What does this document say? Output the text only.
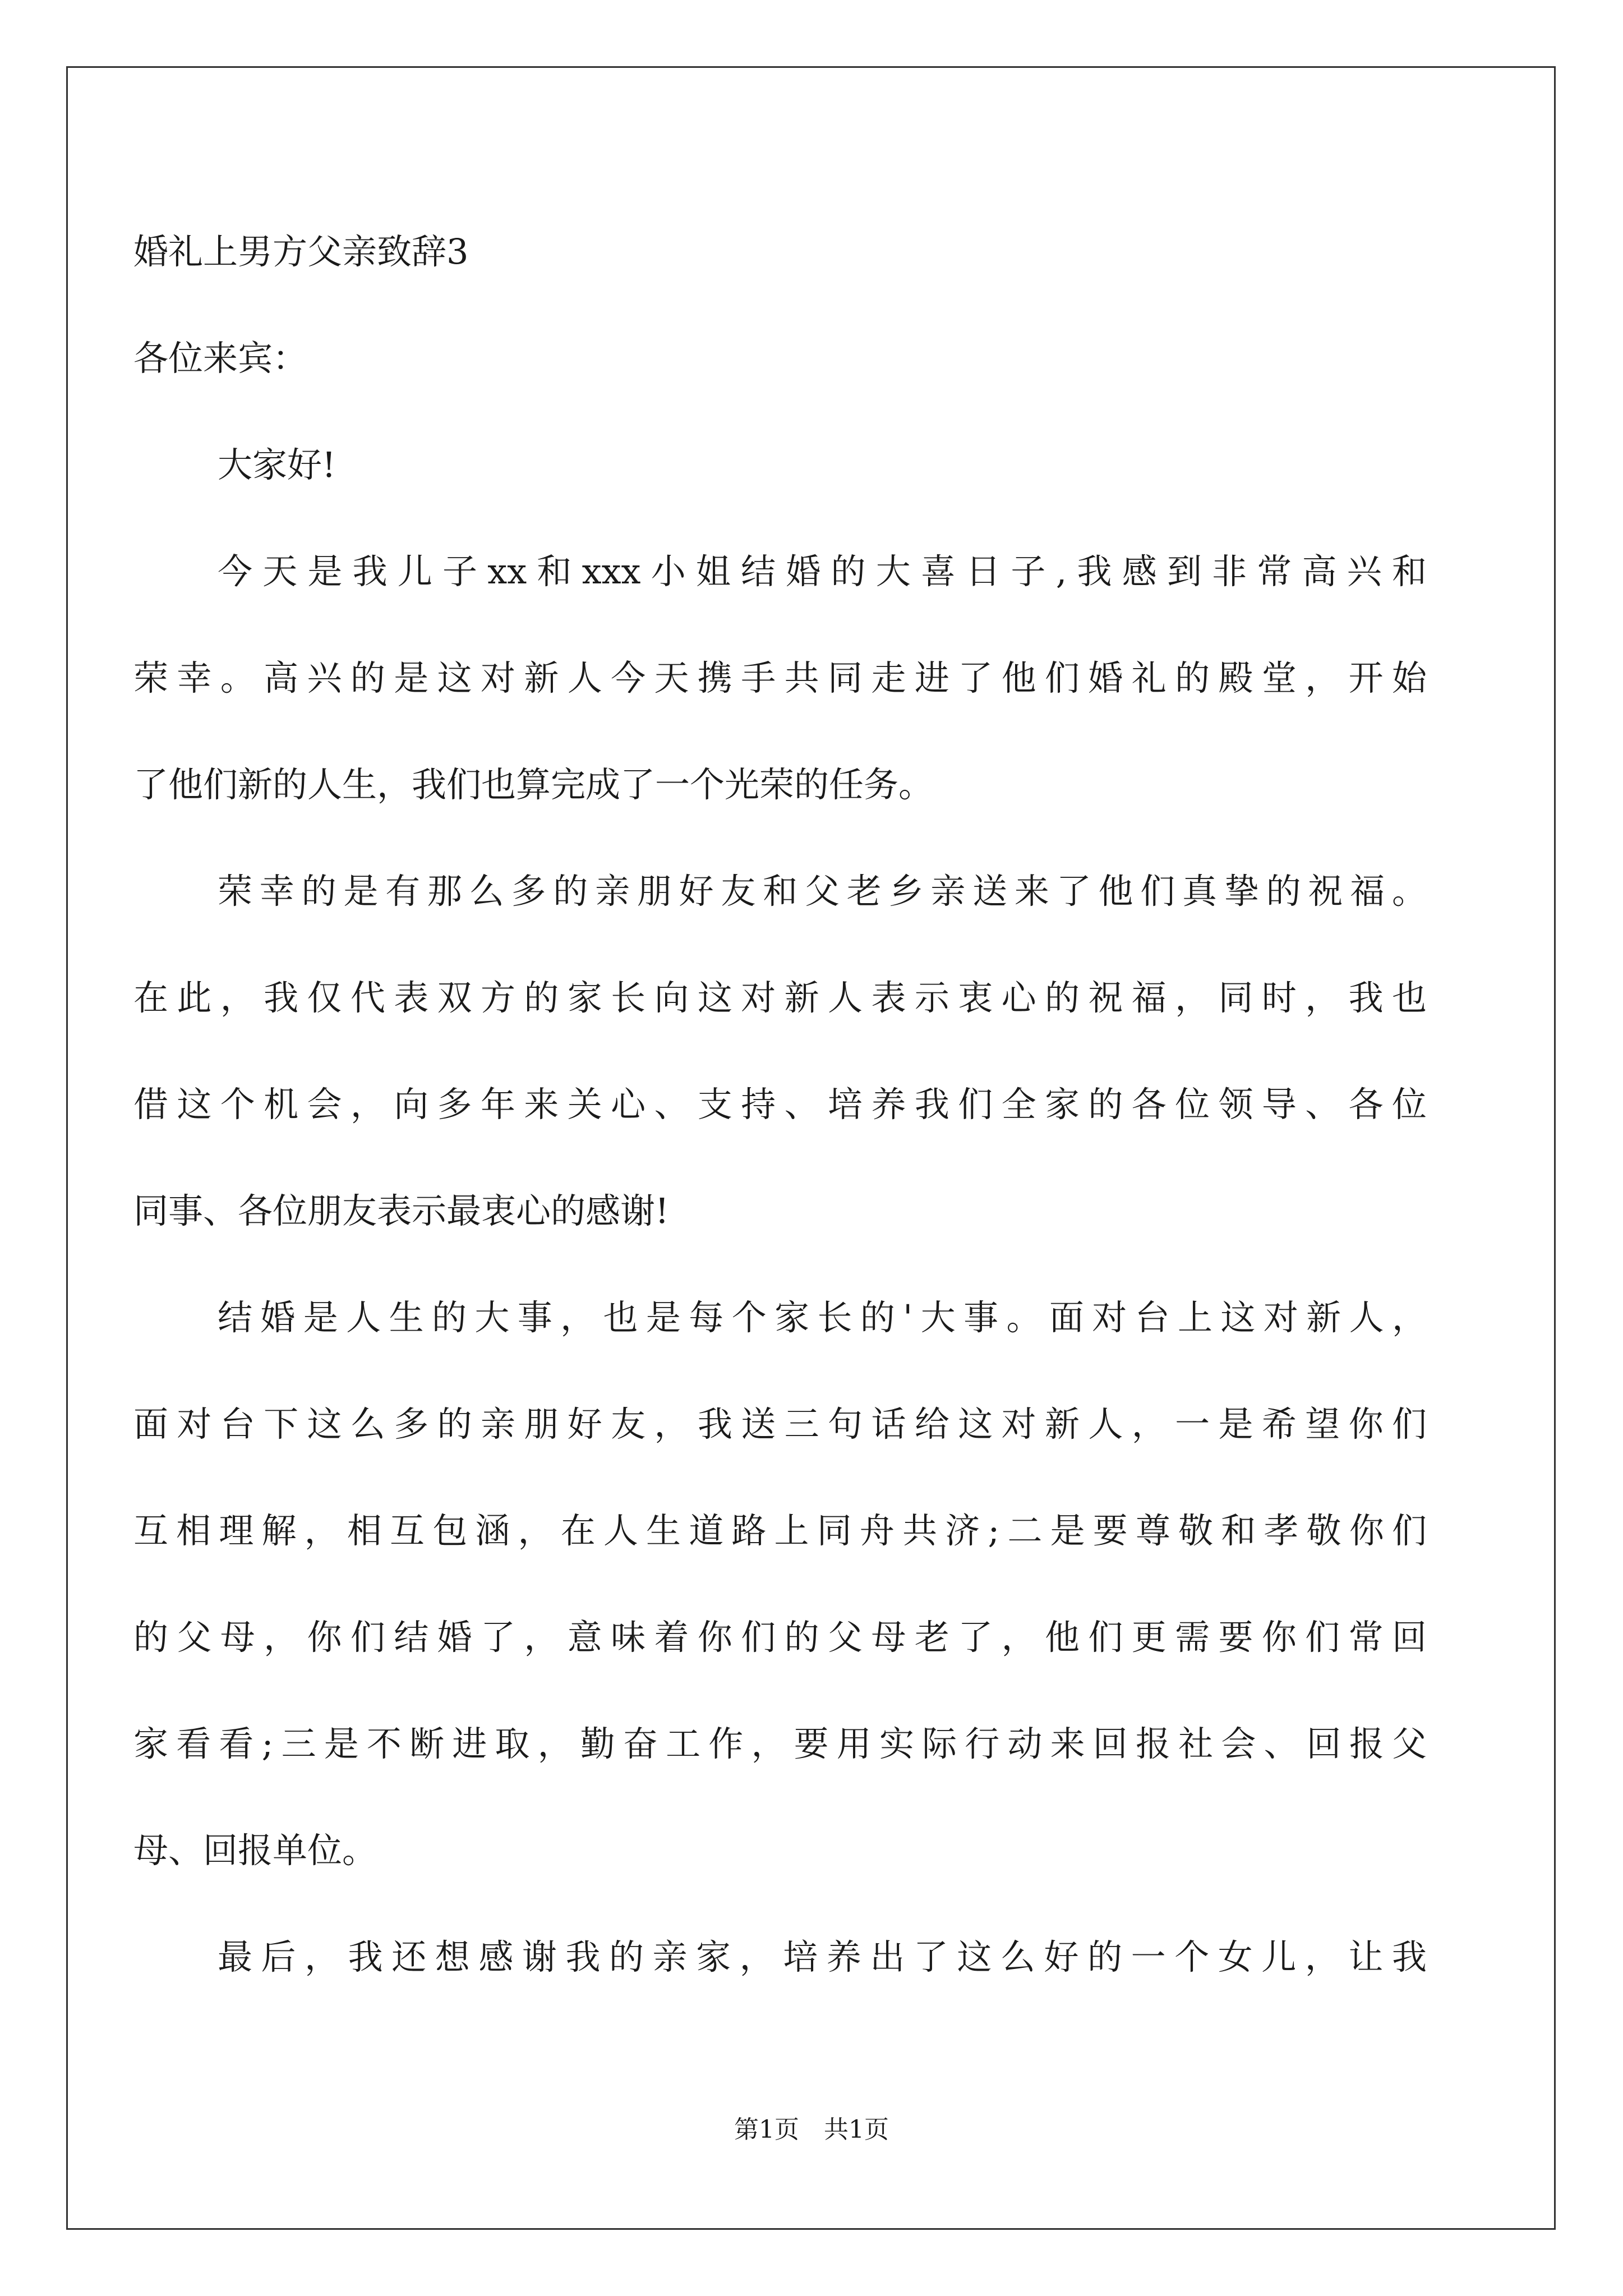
婚礼上男方父亲致辞3
各位来宾：
大家好!
今天是我儿子xx和xxx小姐结婚的大喜日子,我感到非常高兴和
荣幸。高兴的是这对新人今天携手共同走进了他们婚礼的殿堂，开始
了他们新的人生，我们也算完成了一个光荣的任务。
荣幸的是有那么多的亲朋好友和父老乡亲送来了他们真挚的祝福。
在此，我仅代表双方的家长向这对新人表示衷心的祝福，同时，我也
借这个机会，向多年来关心、支持、培养我们全家的各位领导、各位
同事、各位朋友表示最衷心的感谢!
结婚是人生的大事，也是每个家长的'大事。面对台上这对新人，
面对台下这么多的亲朋好友，我送三句话给这对新人，一是希望你们
互相理解，相互包涵，在人生道路上同舟共济;二是要尊敬和孝敬你们
的父母，你们结婚了，意味着你们的父母老了，他们更需要你们常回
家看看;三是不断进取，勤奋工作，要用实际行动来回报社会、回报父
母、回报单位。
最后，我还想感谢我的亲家，培养出了这么好的一个女儿，让我
第1页　共1页
